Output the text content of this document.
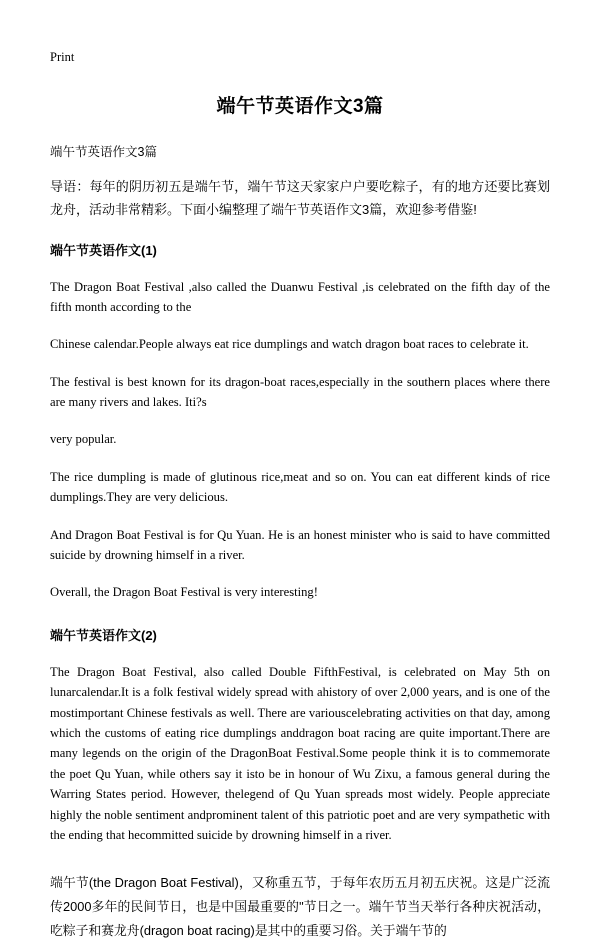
Print
端午节英语作文3篇
端午节英语作文3篇
导语：每年的阴历初五是端午节，端午节这天家家户户要吃粽子，有的地方还要比赛划龙舟，活动非常精彩。下面小编整理了端午节英语作文3篇，欢迎参考借鉴!
端午节英语作文(1)

The Dragon Boat Festival ,also called the Duanwu Festival ,is celebrated on the fifth day of the fifth month according to the

Chinese calendar.People always eat rice dumplings and watch dragon boat races to celebrate it.

The festival is best known for its dragon-boat races,especially in the southern places where there are many rivers and lakes. Iti?s

very popular.

The rice dumpling is made of glutinous rice,meat and so on. You can eat different kinds of rice dumplings.They are very delicious.

And Dragon Boat Festival is for Qu Yuan. He is an honest minister who is said to have committed suicide by drowning himself in a river.

Overall, the Dragon Boat Festival is very interesting!

端午节英语作文(2)

The Dragon Boat Festival, also called Double FifthFestival, is celebrated on May 5th on lunarcalendar.It is a folk festival widely spread with ahistory of over 2,000 years, and is one of the mostimportant Chinese festivals as well. There are variouscelebrating activities on that day, among which the customs of eating rice dumplings anddragon boat racing are quite important.There are many legends on the origin of the DragonBoat Festival.Some people think it is to commemorate the poet Qu Yuan, while others say it isto be in honour of Wu Zixu, a famous general during the Warring States period. However, thelegend of Qu Yuan spreads most widely. People appreciate highly the noble sentiment andprominent talent of this patriotic poet and are very sympathetic with the ending that hecommitted suicide by drowning himself in a river.

端午节(the Dragon Boat Festival)，又称重五节，于每年农历五月初五庆祝。这是广泛流传2000多年的民间节日，也是中国最重要的"节日之一。端午节当天举行各种庆祝活动，吃粽子和赛龙舟(dragon boat racing)是其中的重要习俗。关于端午节的
